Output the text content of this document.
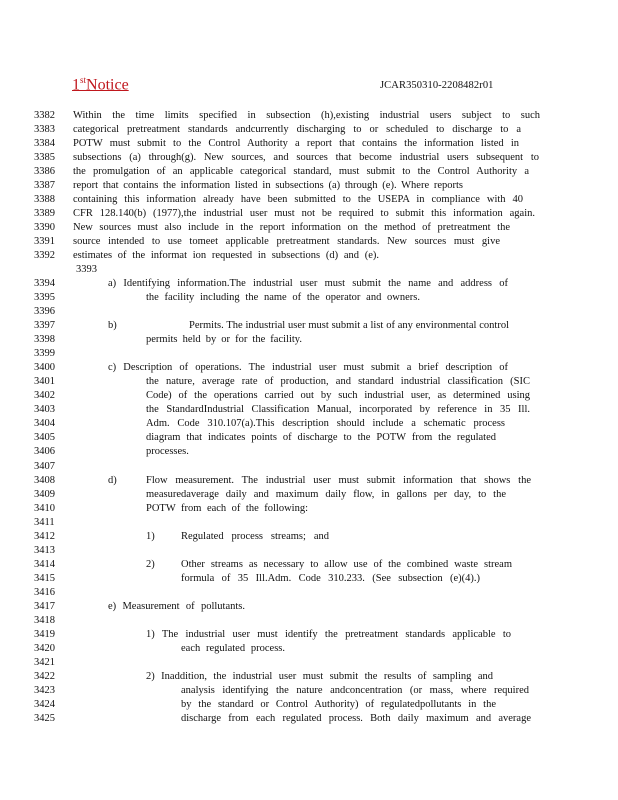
1stNotice	JCAR350310-2208482r01
3382	Within the time limits specified in subsection (h),existing industrial users subject to such
3383	categorical pretreatment standards andcurrently discharging to or scheduled to discharge to a
3384	POTW must submit to the Control Authority a report that contains the information listed in
3385	subsections (a) through(g). New sources, and sources that become industrial users subsequent to
3386	the promulgation of an applicable categorical standard, must submit to the Control Authority a
3387	report that contains the information listed in subsections (a) through (e). Where reports
3388	containing this information already have been submitted to the USEPA in compliance with 40
3389	CFR 128.140(b) (1977),the industrial user must not be required to submit this information again.
3390	New sources must also include in the report information on the method of pretreatment the
3391	source intended to use tomeet applicable pretreatment standards. New sources must give
3392	estimates of the informat ion requested in subsections (d) and (e).
3393
3394	a) Identifying information.The industrial user must submit the name and address of
3395	the facility including the name of the operator and owners.
3396
3397	b)	Permits. The industrial user must submit a list of any environmental control
3398	permits held by or for the facility.
3399
3400	c) Description of operations. The industrial user must submit a brief description of
3401	the nature, average rate of production, and standard industrial classification (SIC
3402	Code) of the operations carried out by such industrial user, as determined using
3403	the StandardIndustrial Classification Manual, incorporated by reference in 35 Ill.
3404	Adm. Code 310.107(a).This description should include a schematic process
3405	diagram that indicates points of discharge to the POTW from the regulated
3406	processes.
3407
3408	d)	Flow measurement. The industrial user must submit information that shows the
3409	measuredaverage daily and maximum daily flow, in gallons per day, to the
3410	POTW from each of the following:
3411
3412	1)	Regulated process streams; and
3413
3414	2)	Other streams as necessary to allow use of the combined waste stream
3415	formula of 35 Ill.Adm. Code 310.233. (See subsection (e)(4).)
3416
3417	e) Measurement of pollutants.
3418
3419	1) The industrial user must identify the pretreatment standards applicable to
3420	each regulated process.
3421
3422	2) Inaddition, the industrial user must submit the results of sampling and
3423	analysis identifying the nature andconcentration (or mass, where required
3424	by the standard or Control Authority) of regulatedpollutants in the
3425	discharge from each regulated process. Both daily maximum and average
